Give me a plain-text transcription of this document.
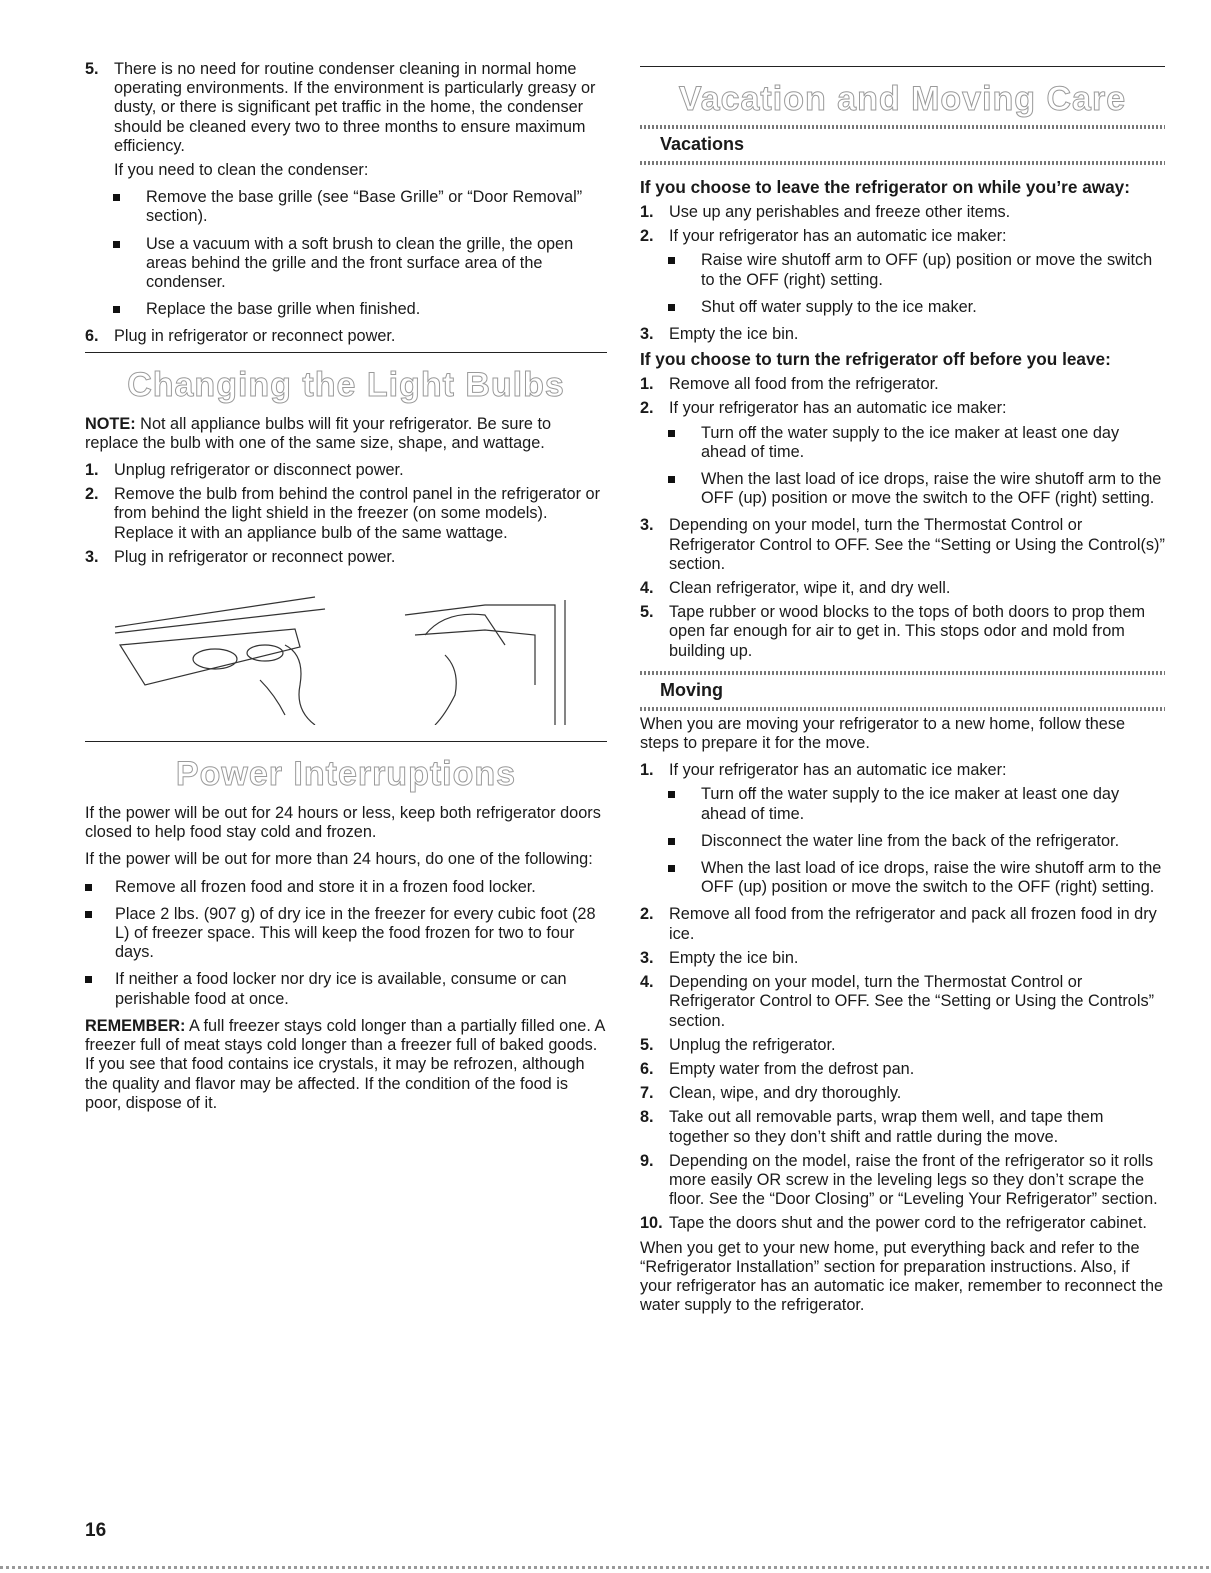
5. There is no need for routine condenser cleaning in normal home operating environments. If the environment is particularly greasy or dusty, or there is significant pet traffic in the home, the condenser should be cleaned every two to three months to ensure maximum efficiency.

If you need to clean the condenser:

Remove the base grille (see “Base Grille” or “Door Removal” section).
Use a vacuum with a soft brush to clean the grille, the open areas behind the grille and the front surface area of the condenser.
Replace the base grille when finished.
6. Plug in refrigerator or reconnect power.
Changing the Light Bulbs

NOTE: Not all appliance bulbs will fit your refrigerator. Be sure to replace the bulb with one of the same size, shape, and wattage.

1. Unplug refrigerator or disconnect power.
2. Remove the bulb from behind the control panel in the refrigerator or from behind the light shield in the freezer (on some models). Replace it with an appliance bulb of the same wattage.
3. Plug in refrigerator or reconnect power.
Power Interruptions

If the power will be out for 24 hours or less, keep both refrigerator doors closed to help food stay cold and frozen.

If the power will be out for more than 24 hours, do one of the following:

Remove all frozen food and store it in a frozen food locker.
Place 2 lbs. (907 g) of dry ice in the freezer for every cubic foot (28 L) of freezer space. This will keep the food frozen for two to four days.
If neither a food locker nor dry ice is available, consume or can perishable food at once.

REMEMBER: A full freezer stays cold longer than a partially filled one. A freezer full of meat stays cold longer than a freezer full of baked goods. If you see that food contains ice crystals, it may be refrozen, although the quality and flavor may be affected. If the condition of the food is poor, dispose of it.

Vacation and Moving Care
Vacations
If you choose to leave the refrigerator on while you’re away:
1. Use up any perishables and freeze other items.
2. If your refrigerator has an automatic ice maker:
Raise wire shutoff arm to OFF (up) position or move the switch to the OFF (right) setting.
Shut off water supply to the ice maker.
3. Empty the ice bin.
If you choose to turn the refrigerator off before you leave:
1. Remove all food from the refrigerator.
2. If your refrigerator has an automatic ice maker:
Turn off the water supply to the ice maker at least one day ahead of time.
When the last load of ice drops, raise the wire shutoff arm to the OFF (up) position or move the switch to the OFF (right) setting.
3. Depending on your model, turn the Thermostat Control or Refrigerator Control to OFF. See the “Setting or Using the Control(s)” section.
4. Clean refrigerator, wipe it, and dry well.
5. Tape rubber or wood blocks to the tops of both doors to prop them open far enough for air to get in. This stops odor and mold from building up.
Moving

When you are moving your refrigerator to a new home, follow these steps to prepare it for the move.

1. If your refrigerator has an automatic ice maker:
Turn off the water supply to the ice maker at least one day ahead of time.
Disconnect the water line from the back of the refrigerator.
When the last load of ice drops, raise the wire shutoff arm to the OFF (up) position or move the switch to the OFF (right) setting.
2. Remove all food from the refrigerator and pack all frozen food in dry ice.
3. Empty the ice bin.
4. Depending on your model, turn the Thermostat Control or Refrigerator Control to OFF. See the “Setting or Using the Controls” section.
5. Unplug the refrigerator.
6. Empty water from the defrost pan.
7. Clean, wipe, and dry thoroughly.
8. Take out all removable parts, wrap them well, and tape them together so they don’t shift and rattle during the move.
9. Depending on the model, raise the front of the refrigerator so it rolls more easily OR screw in the leveling legs so they don’t scrape the floor. See the “Door Closing” or “Leveling Your Refrigerator” section.
10. Tape the doors shut and the power cord to the refrigerator cabinet.

When you get to your new home, put everything back and refer to the “Refrigerator Installation” section for preparation instructions. Also, if your refrigerator has an automatic ice maker, remember to reconnect the water supply to the refrigerator.

16
